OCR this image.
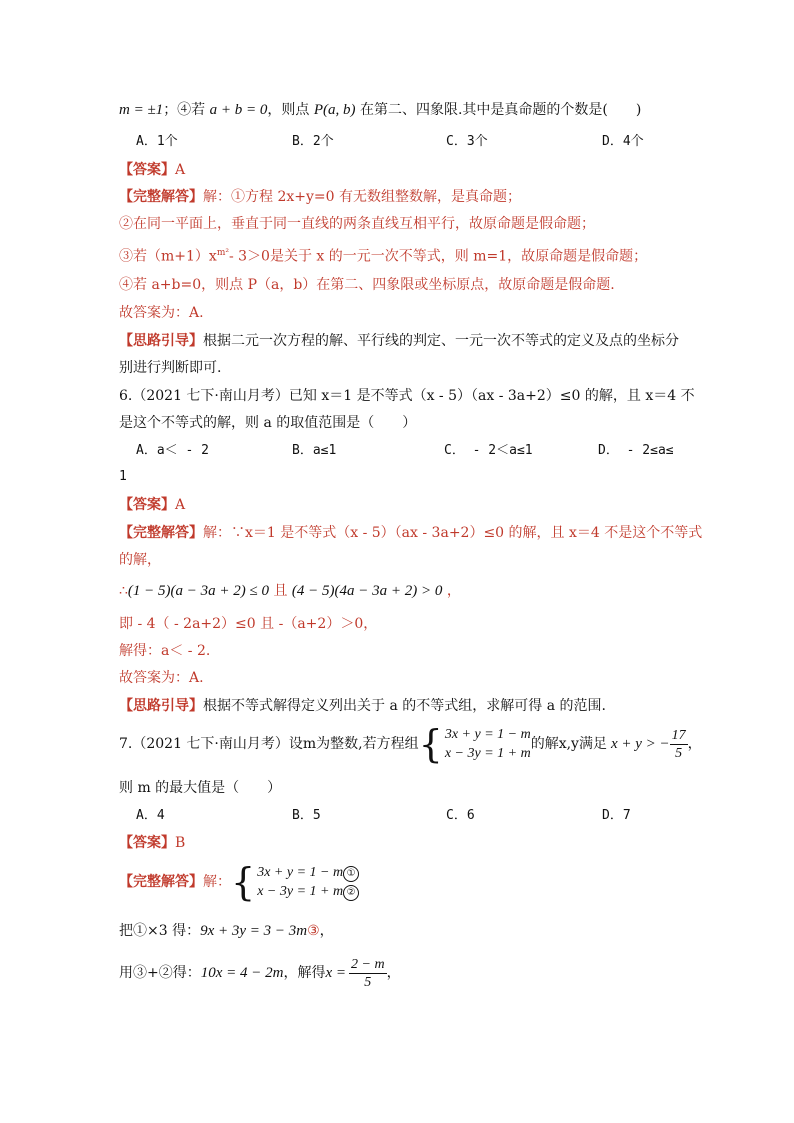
m = ±1；④若 a + b = 0，则点 P(a, b) 在第二、四象限.其中是真命题的个数是(　　)
A．1个	B．2个	C．3个	D．4个
【答案】A
【完整解答】解：①方程 2x+y=0 有无数组整数解，是真命题；
②在同一平面上，垂直于同一直线的两条直线互相平行，故原命题是假命题；
③若$(m+1)x^{m^2}-$ 3＞0是关于 x 的一元一次不等式，则 m=1，故原命题是假命题；
④若 a+b=0，则点 P（a，b）在第二、四象限或坐标原点，故原命题是假命题.
故答案为：A.
【思路引导】根据二元一次方程的解、平行线的判定、一元一次不等式的定义及点的坐标分
别进行判断即可.
6.（2021 七下·南山月考）已知 x＝1 是不等式（x - 5）（ax - 3a+2）≤0 的解，且 x＝4 不
是这个不等式的解，则 a 的取值范围是（　　）
A．a＜ - 2	B．a≤1	C． - 2＜a≤1	D． - 2≤a≤
1
【答案】A
【完整解答】解：∵x＝1 是不等式（x - 5）（ax - 3a+2）≤0 的解，且 x＝4 不是这个不等式
的解，
∴(1 − 5)(a − 3a + 2) ≤ 0 且 (4 − 5)(4a − 3a + 2) > 0 ，
即 - 4（ - 2a+2）≤0 且 -（a+2）＞0，
解得：a＜ - 2.
故答案为：A.
【思路引导】根据不等式解得定义列出关于 a 的不等式组，求解可得 a 的范围.
7.（2021 七下·南山月考）设m为整数,若方程组 { 3x + y = 1 − m
x − 3y = 1 + m
的解x,y满足 x + y > − $\frac{17}{5}$ ，
则 m 的最大值是（　　）
A．4	B．5	C．6	D．7
【答案】B
【完整解答】 解： { 3x + y = 1 − m ①
x − 3y = 1 + m ②
把①×3 得：9x + 3y = 3 − 3m③，
用③+②得： 10x = 4 − 2m ，解得 $x = \frac{2 - m}{5}$ ，
